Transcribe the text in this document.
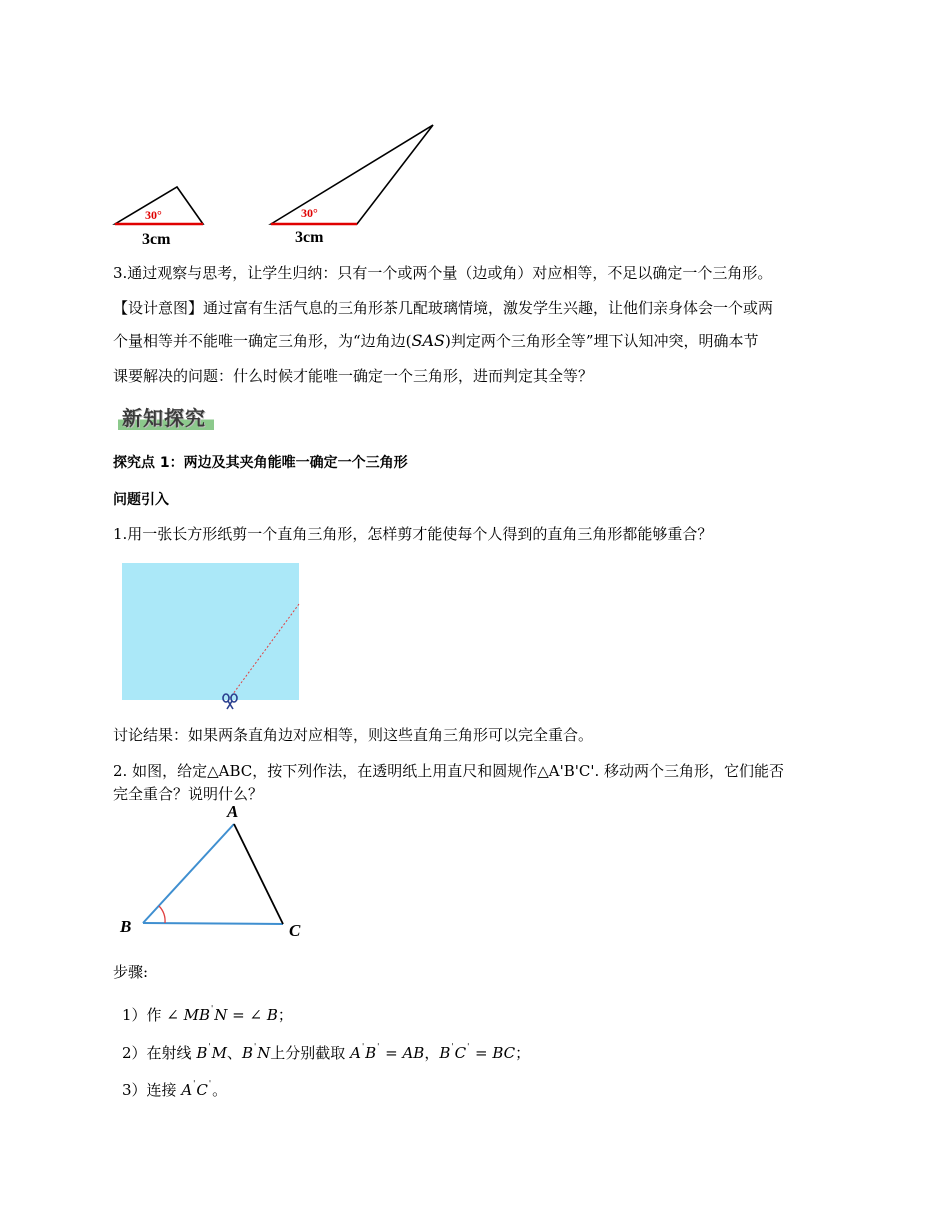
30°
3cm
30°
3cm
3.通过观察与思考，让学生归纳：只有一个或两个量（边或角）对应相等，不足以确定一个三角形。
【设计意图】通过富有生活气息的三角形茶几配玻璃情境，激发学生兴趣，让他们亲身体会一个或两
个量相等并不能唯一确定三角形，为“边角边(SAS)判定两个三角形全等”埋下认知冲突，明确本节
课要解决的问题：什么时候才能唯一确定一个三角形，进而判定其全等？
新知探究
探究点 1：两边及其夹角能唯一确定一个三角形
问题引入
1.用一张长方形纸剪一个直角三角形，怎样剪才能使每个人得到的直角三角形都能够重合？
讨论结果：如果两条直角边对应相等，则这些直角三角形可以完全重合。
2. 如图，给定△ABC，按下列作法，在透明纸上用直尺和圆规作△A'B'C'. 移动两个三角形，它们能否
完全重合？说明什么？
A
B	C
步骤:
1）作 ∠ MB'N = ∠ B；
2）在射线 B'M、B'N上分别截取 A'B' = AB，B'C' = BC；
3）连接 A'C'。
